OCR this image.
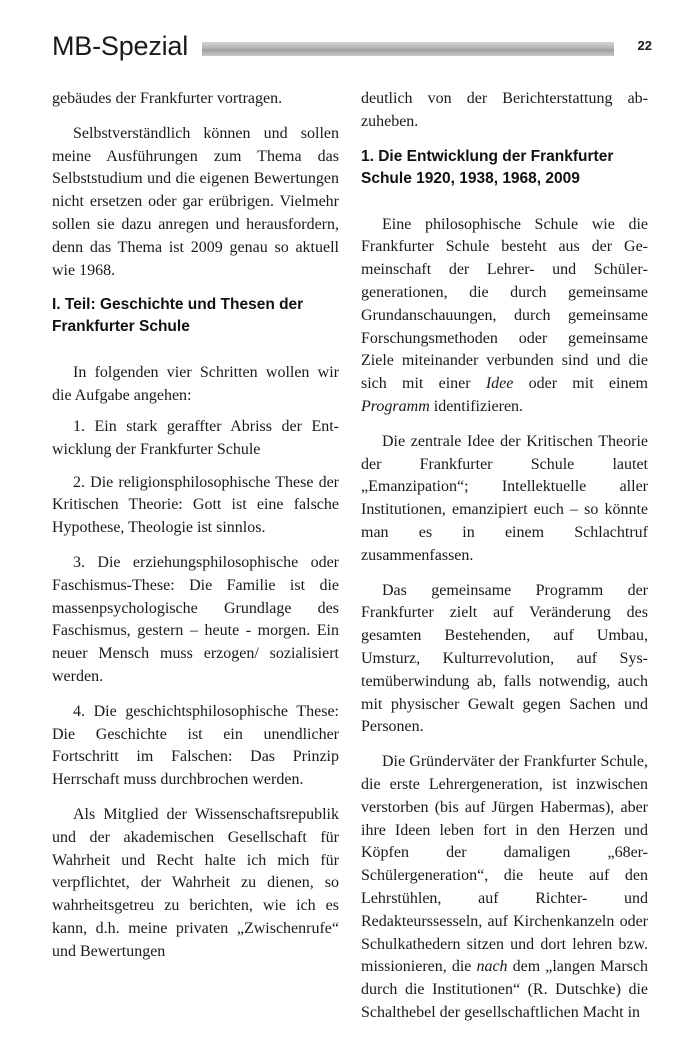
MB-Spezial	22

gebäudes der Frankfurter vortragen.

Selbstverständlich können und sollen meine Ausführungen zum Thema das Selbststudium und die eigenen Bewertungen nicht ersetzen oder gar erübrigen. Vielmehr sollen sie dazu anregen und herausfordern, denn das Thema ist 2009 genau so aktuell wie 1968.

I. Teil: Geschichte und Thesen der Frankfurter Schule

In folgenden vier Schritten wollen wir die Aufgabe angehen:

1. Ein stark geraffter Abriss der Entwicklung der Frankfurter Schule

2. Die religionsphilosophische These der Kritischen Theorie: Gott ist eine falsche Hypothese, Theologie ist sinnlos.

3. Die erziehungsphilosophische oder Faschismus-These: Die Familie ist die massenpsychologische Grundlage des Faschismus, gestern – heute - morgen. Ein neuer Mensch muss erzogen/ sozialisiert werden.

4. Die geschichtsphilosophische These: Die Geschichte ist ein unendlicher Fortschritt im Falschen: Das Prinzip Herrschaft muss durchbrochen werden.

Als Mitglied der Wissenschaftsrepublik und der akademischen Gesellschaft für Wahrheit und Recht halte ich mich für verpflichtet, der Wahrheit zu dienen, so wahrheitsgetreu zu berichten, wie ich es kann, d.h. meine privaten „Zwischenrufe“ und Bewertungen

deutlich von der Berichterstattung abzuheben.

1. Die Entwicklung der Frankfurter Schule 1920, 1938, 1968, 2009

Eine philosophische Schule wie die Frankfurter Schule besteht aus der Gemeinschaft der Lehrer- und Schülergenerationen, die durch gemeinsame Grundanschauungen, durch gemeinsame Forschungsmethoden oder gemeinsame Ziele miteinander verbunden sind und die sich mit einer Idee oder mit einem Programm identifizieren.

Die zentrale Idee der Kritischen Theorie der Frankfurter Schule lautet „Emanzipation“; Intellektuelle aller Institutionen, emanzipiert euch – so könnte man es in einem Schlachtruf zusammenfassen.

Das gemeinsame Programm der Frankfurter zielt auf Veränderung des gesamten Bestehenden, auf Umbau, Umsturz, Kulturrevolution, auf Systemüberwindung ab, falls notwendig, auch mit physischer Gewalt gegen Sachen und Personen.

Die Gründerväter der Frankfurter Schule, die erste Lehrergeneration, ist inzwischen verstorben (bis auf Jürgen Habermas), aber ihre Ideen leben fort in den Herzen und Köpfen der damaligen „68er-Schülergeneration“, die heute auf den Lehrstühlen, auf Richter- und Redakteurssesseln, auf Kirchenkanzeln oder Schulkathedern sitzen und dort lehren bzw. missionieren, die nach dem „langen Marsch durch die Institutionen“ (R. Dutschke) die Schalthebel der gesellschaftlichen Macht in
